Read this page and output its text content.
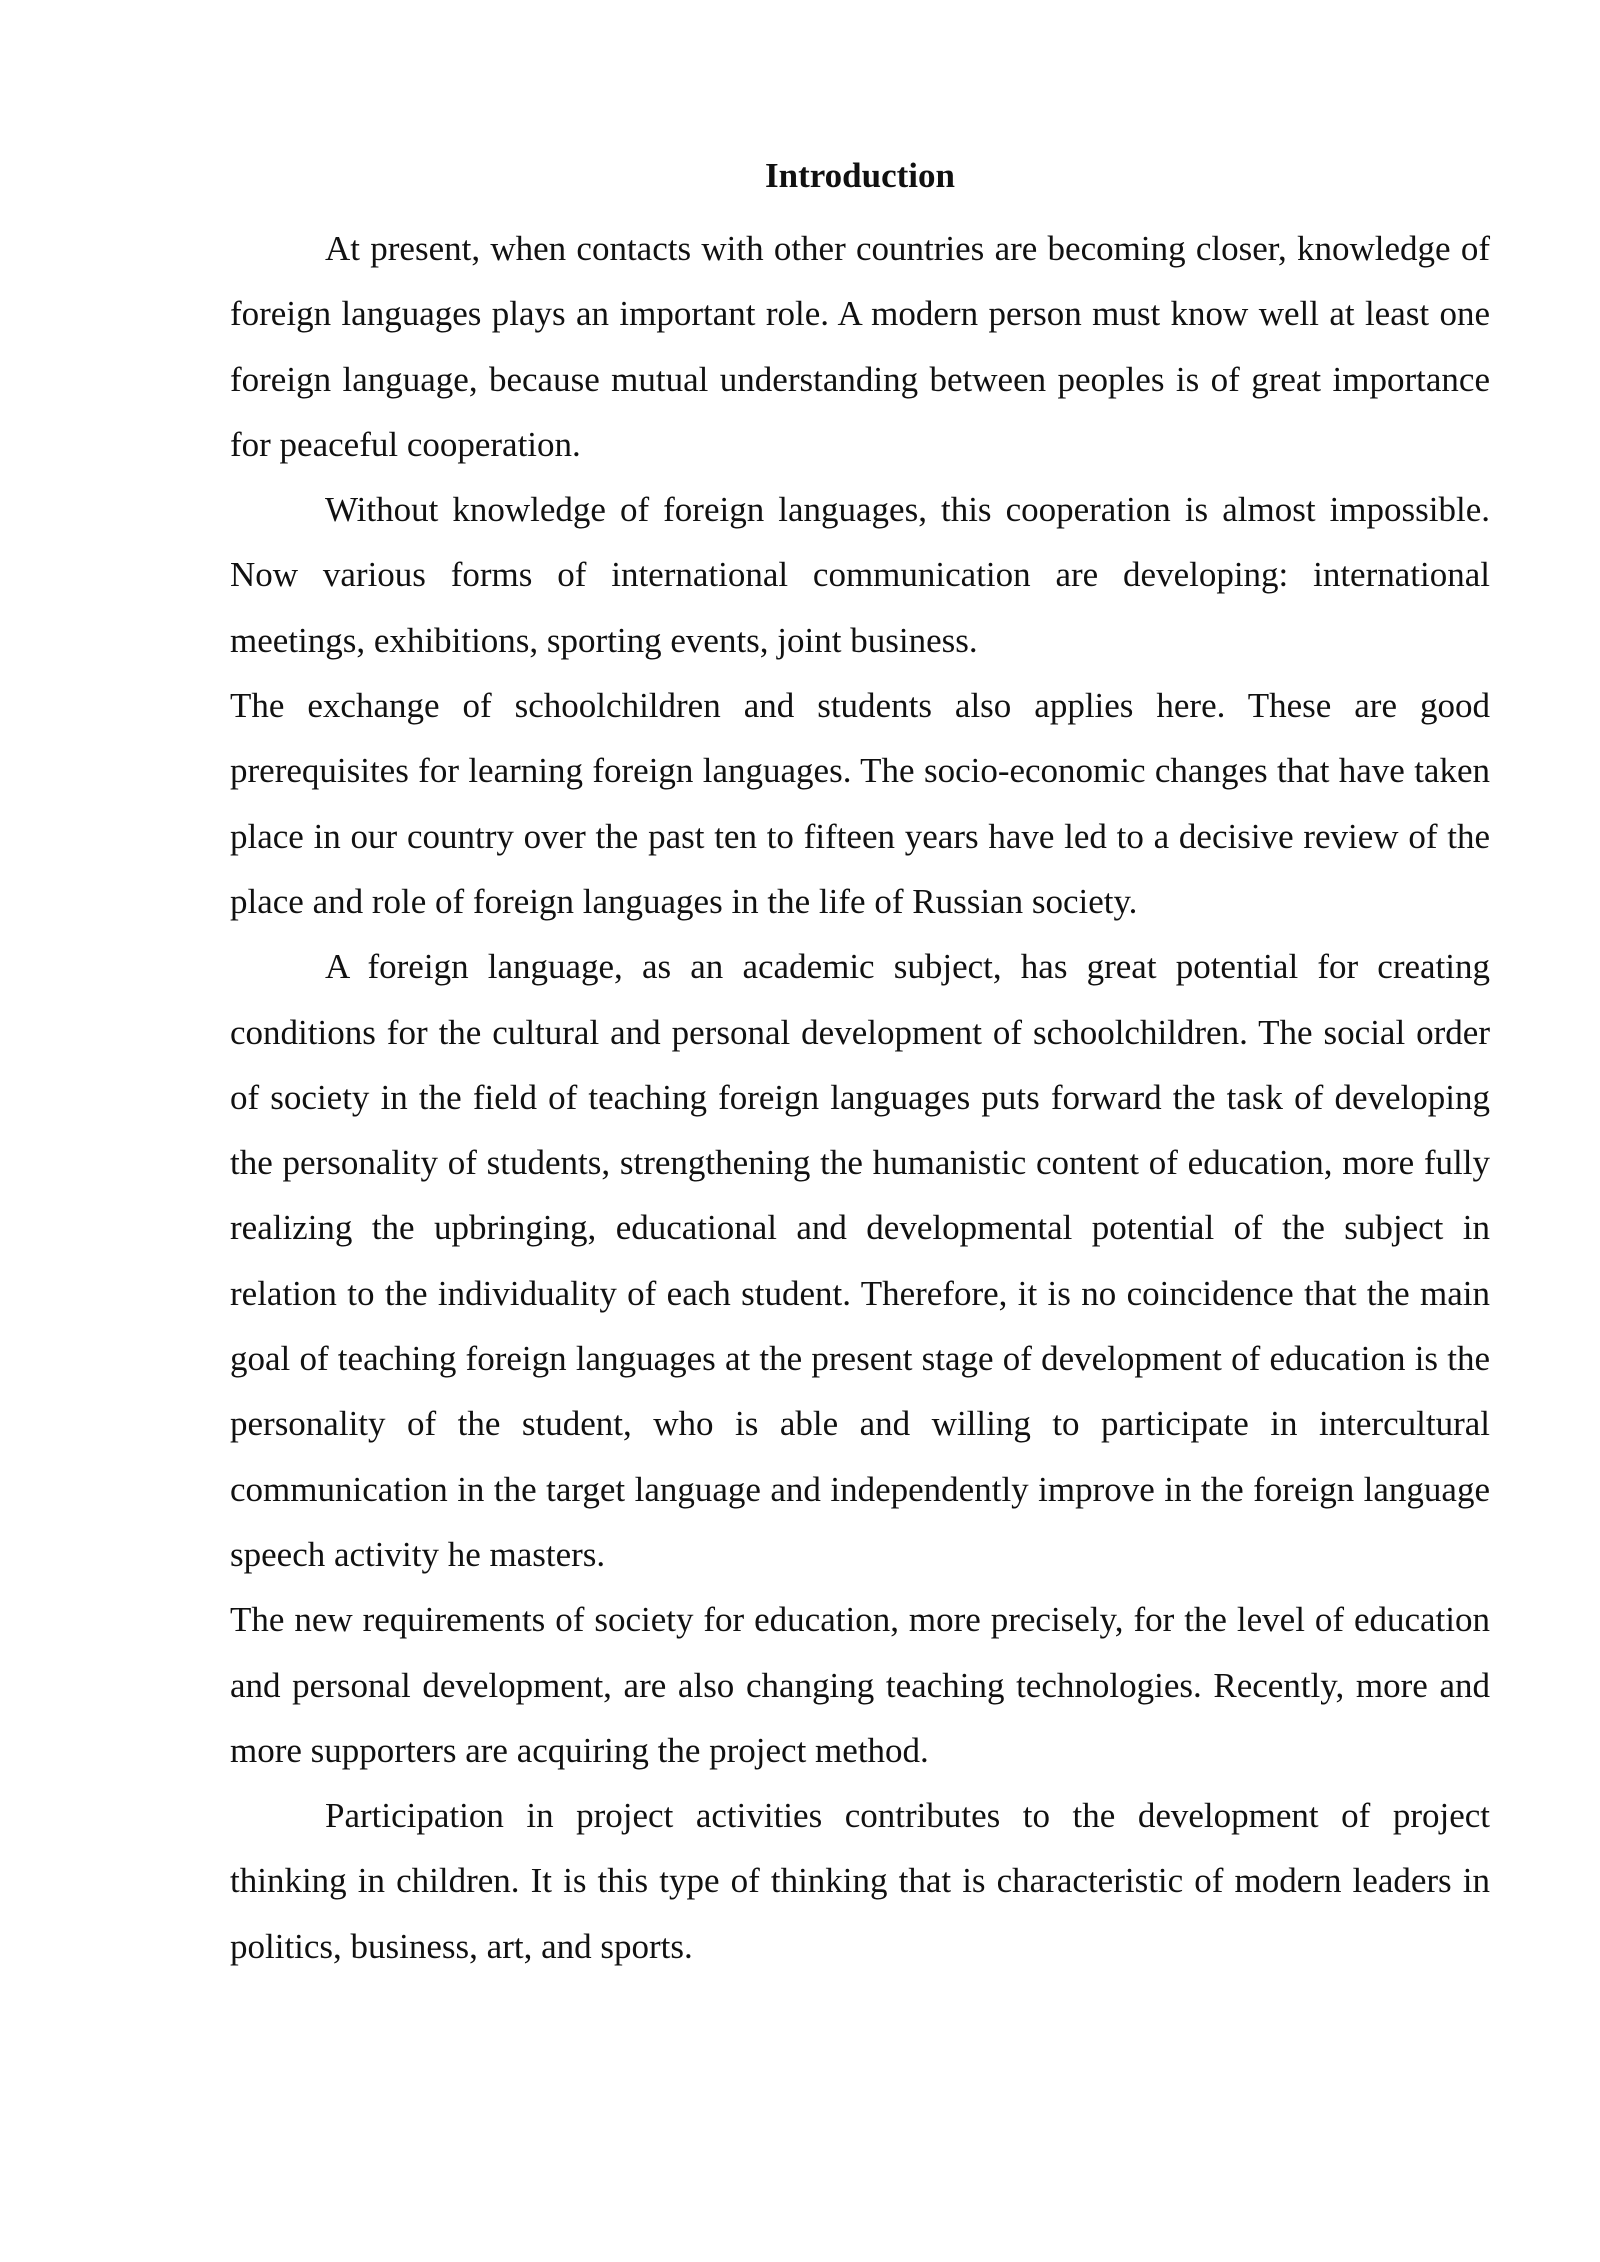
Introduction

At present, when contacts with other countries are becoming closer, knowledge of foreign languages plays an important role. A modern person must know well at least one foreign language, because mutual understanding between peoples is of great importance for peaceful cooperation.

Without knowledge of foreign languages, this cooperation is almost impossible. Now various forms of international communication are developing: international meetings, exhibitions, sporting events, joint business.

The exchange of schoolchildren and students also applies here. These are good prerequisites for learning foreign languages. The socio-economic changes that have taken place in our country over the past ten to fifteen years have led to a decisive review of the place and role of foreign languages in the life of Russian society.

A foreign language, as an academic subject, has great potential for creating conditions for the cultural and personal development of schoolchildren. The social order of society in the field of teaching foreign languages puts forward the task of developing the personality of students, strengthening the humanistic content of education, more fully realizing the upbringing, educational and developmental potential of the subject in relation to the individuality of each student. Therefore, it is no coincidence that the main goal of teaching foreign languages at the present stage of development of education is the personality of the student, who is able and willing to participate in intercultural communication in the target language and independently improve in the foreign language speech activity he masters.

The new requirements of society for education, more precisely, for the level of education and personal development, are also changing teaching technologies. Recently, more and more supporters are acquiring the project method.

Participation in project activities contributes to the development of project thinking in children. It is this type of thinking that is characteristic of modern leaders in politics, business, art, and sports.
